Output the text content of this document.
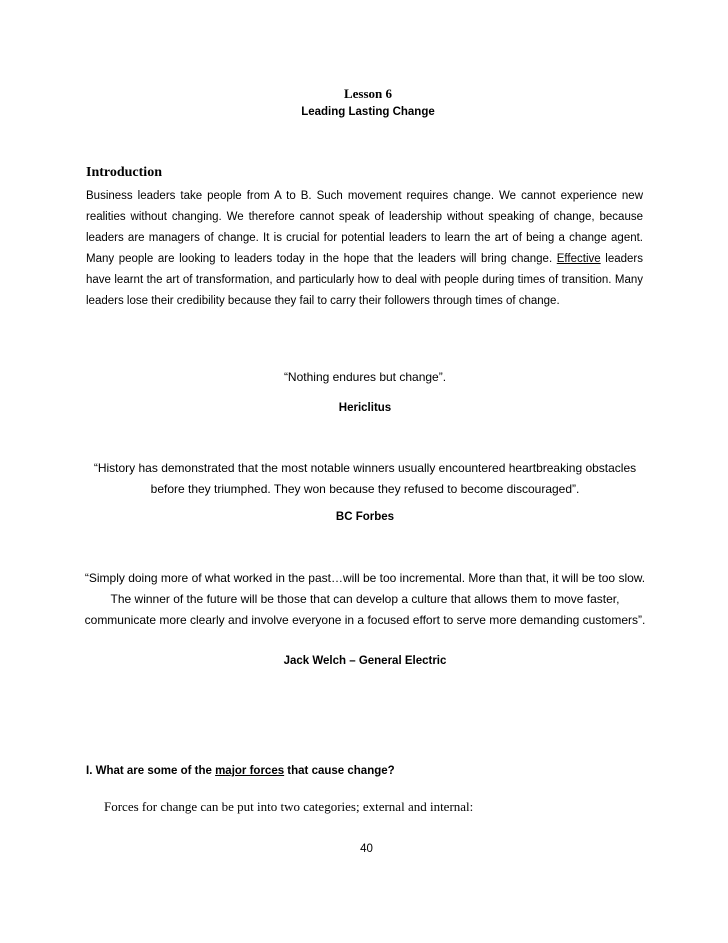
Lesson 6
Leading Lasting Change
Introduction

Business leaders take people from A to B. Such movement requires change. We cannot experience new realities without changing. We therefore cannot speak of leadership without speaking of change, because leaders are managers of change. It is crucial for potential leaders to learn the art of being a change agent. Many people are looking to leaders today in the hope that the leaders will bring change. Effective leaders have learnt the art of transformation, and particularly how to deal with people during times of transition. Many leaders lose their credibility because they fail to carry their followers through times of change.

“Nothing endures but change”.

Hericlitus

“History has demonstrated that the most notable winners usually encountered heartbreaking obstacles before they triumphed. They won because they refused to become discouraged”.

BC Forbes

“Simply doing more of what worked in the past…will be too incremental. More than that, it will be too slow. The winner of the future will be those that can develop a culture that allows them to move faster, communicate more clearly and involve everyone in a focused effort to serve more demanding customers”.

Jack Welch – General Electric

I. What are some of the major forces that cause change?
Forces for change can be put into two categories; external and internal:
40
